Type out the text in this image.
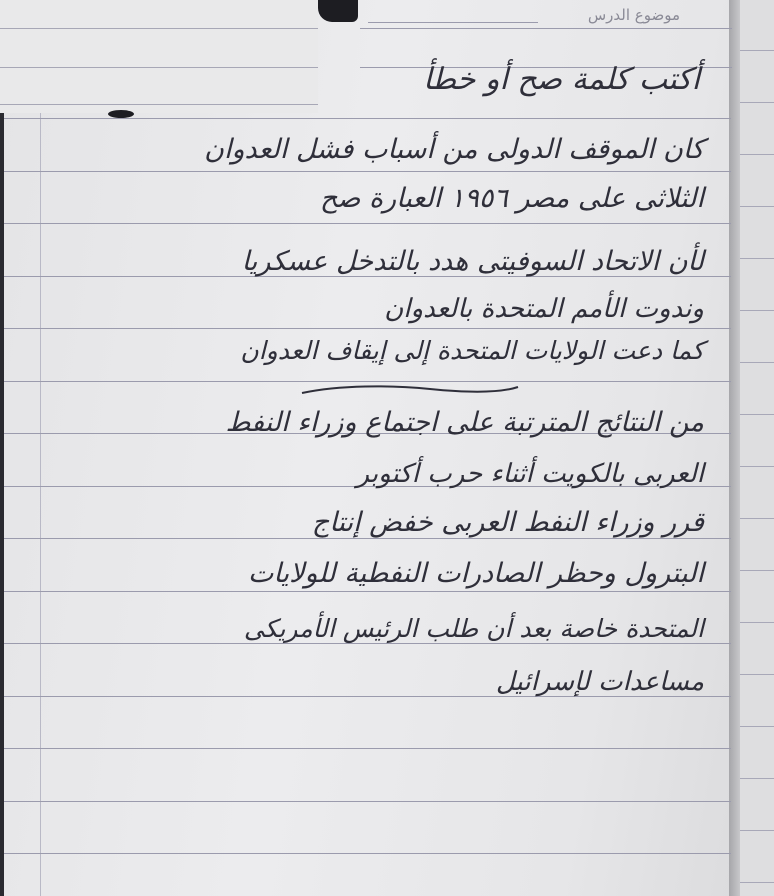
موضوع الدرس
أكتب كلمة صح أو خطأ
كان الموقف الدولى من أسباب فشل العدوان
الثلاثى على مصر ١٩٥٦ العبارة صح
لأن الاتحاد السوفيتى هدد بالتدخل عسكريا
وندوت الأمم المتحدة بالعدوان
كما دعت الولايات المتحدة إلى إيقاف العدوان
من النتائج المترتبة على اجتماع وزراء النفط
العربى بالكويت أثناء حرب أكتوبر
قرر وزراء النفط العربى خفض إنتاج
البترول وحظر الصادرات النفطية للولايات
المتحدة خاصة بعد أن طلب الرئيس الأمريكى
مساعدات لإسرائيل
